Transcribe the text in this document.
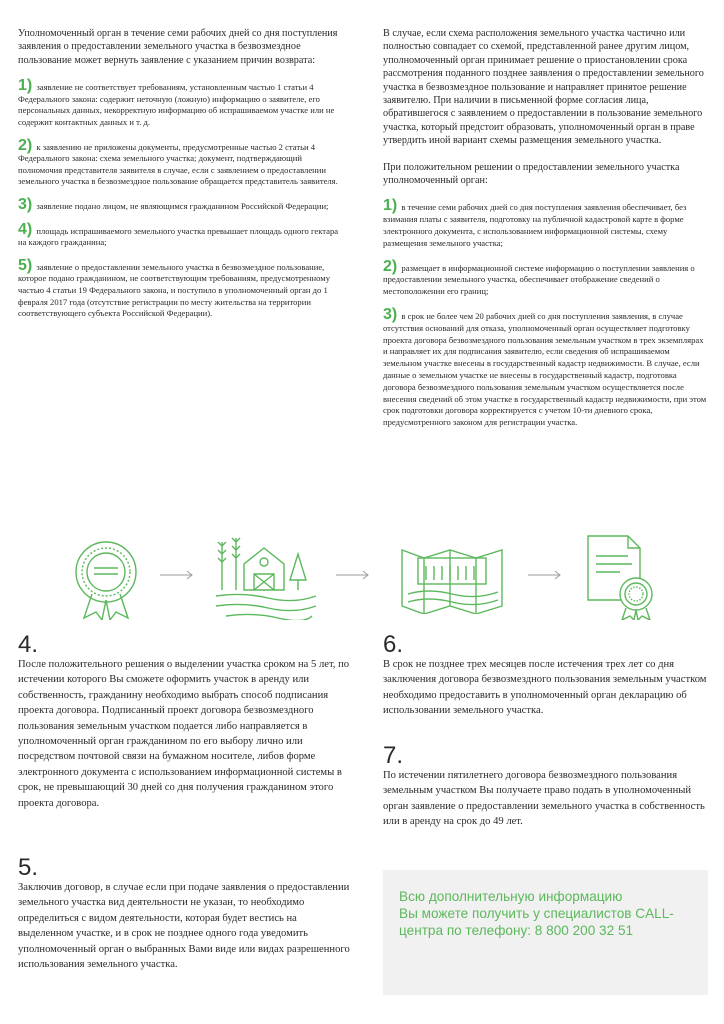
Уполномоченный орган в течение семи рабочих дней со дня поступления заявления о предоставлении земельного участка в безвозмездное пользование может вернуть заявление с указанием причин возврата:

1) заявление не соответствует требованиям, установленным частью 1 статьи 4 Федерального закона: содержит неточную (ложную) информацию о заявителе, его персональных данных, некорректную информацию об испрашиваемом участке или не содержит контактных данных и т. д.
2) к заявлению не приложены документы, предусмотренные частью 2 статьи 4 Федерального закона: схема земельного участка; документ, подтверждающий полномочия представителя заявителя в случае, если с заявлением о предоставлении земельного участка в безвозмездное пользование обращается представитель заявителя.
3) заявление подано лицом, не являющимся гражданином Российской Федерации;
4) площадь испрашиваемого земельного участка превышает площадь одного гектара на каждого гражданина;
5) заявление о предоставлении земельного участка в безвозмездное пользование, которое подано гражданином, не соответствующим требованиям, предусмотренному частью 4 статьи 19 Федерального закона, и поступило в уполномоченный орган до 1 февраля 2017 года (отсутствие регистрации по месту жительства на территории соответствующего субъекта Российской Федерации).

В случае, если схема расположения земельного участка частично или полностью совпадает со схемой, представленной ранее другим лицом, уполномоченный орган принимает решение о приостановлении срока рассмотрения поданного позднее заявления о предоставлении земельного участка в безвозмездное пользование и направляет принятое решение заявителю. При наличии в письменной форме согласия лица, обратившегося с заявлением о предоставлении в пользование земельного участка, который предстоит образовать, уполномоченный орган в праве утвердить иной вариант схемы размещения земельного участка.

При положительном решении о предоставлении земельного участка уполномоченный орган:

1) в течение семи рабочих дней со дня поступления заявления обеспечивает, без взимания платы с заявителя, подготовку на публичной кадастровой карте в форме электронного документа, с использованием информационной системы, схему размещения земельного участка;
2) размещает в информационной системе информацию о поступлении заявления о предоставлении земельного участка, обеспечивает отображение сведений о местоположении его границ;
3) в срок не более чем 20 рабочих дней со дня поступления заявления, в случае отсутствия оснований для отказа, уполномоченный орган осуществляет подготовку проекта договора безвозмездного пользования земельным участком в трех экземплярах и направляет их для подписания заявителю, если сведения об испрашиваемом земельном участке внесены в государственный кадастр недвижимости. В случае, если данные о земельном участке не внесены в государственный кадастр, подготовка договора безвозмездного пользования земельным участком осуществляется после внесения сведений об этом участке в государственный кадастр недвижимости, при этом срок подготовки договора корректируется с учетом 10-ти дневного срока, предусмотренного законом для регистрации участка.
4.

После положительного решения о выделении участка сроком на 5 лет, по истечении которого Вы сможете оформить участок в аренду или собственность, гражданину необходимо выбрать способ подписания проекта договора. Подписанный проект договора безвозмездного пользования земельным участком подается либо направляется в уполномоченный орган гражданином по его выбору лично или посредством почтовой связи на бумажном носителе, либов форме электронного документа с использованием информационной системы в срок, не превышающий 30 дней со дня получения гражданином этого проекта договора.

5.

Заключив договор, в случае если при подаче заявления о предоставлении земельного участка вид деятельности не указан, то необходимо определиться с видом деятельности, которая будет вестись на выделенном участке, и в срок не позднее одного года уведомить уполномоченный орган о выбранных Вами виде или видах разрешенного использования земельного участка.

6.

В срок не позднее трех месяцев после истечения трех лет со дня заключения договора безвозмездного пользования земельным участком необходимо предоставить в уполномоченный орган декларацию об использовании земельного участка.

7.

По истечении пятилетнего договора безвозмездного пользования земельным участком Вы получаете право подать в уполномоченный орган заявление о предоставлении земельного участка в собственность или в аренду на срок до 49 лет.

Всю дополнительную информацию

Вы можете получить у специалистов CALL-центра по телефону: 8 800 200 32 51
